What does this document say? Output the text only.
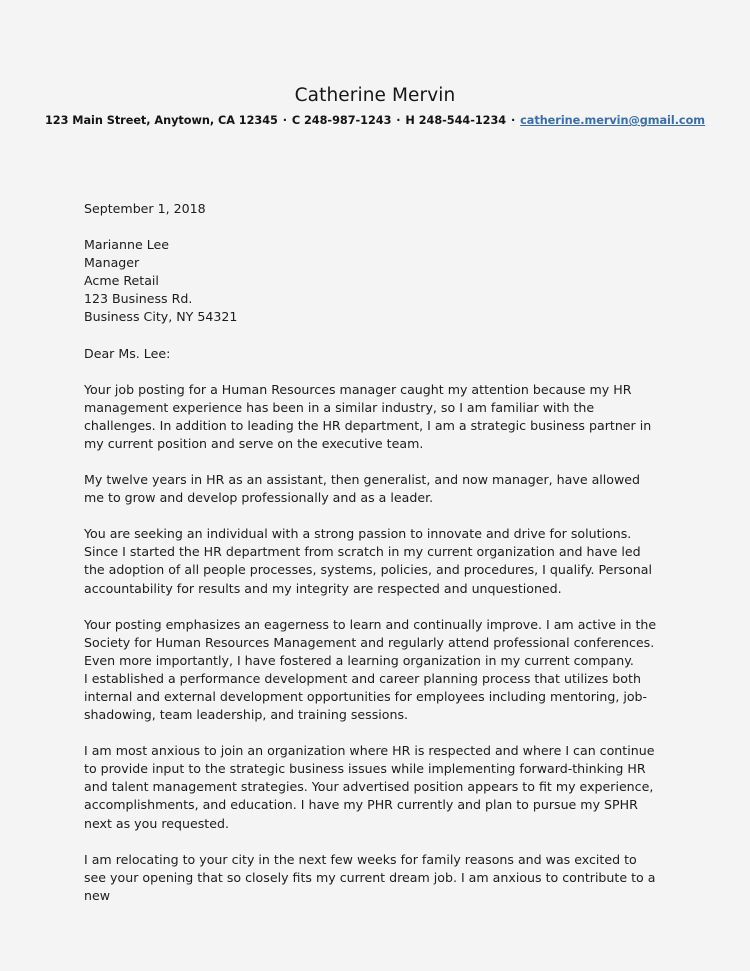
Catherine Mervin
123 Main Street, Anytown, CA 12345 · C 248-987-1243 · H 248-544-1234 · catherine.mervin@gmail.com
September 1, 2018
Marianne Lee
Manager
Acme Retail
123 Business Rd.
Business City, NY 54321
Dear Ms. Lee:

Your job posting for a Human Resources manager caught my attention because my HR management experience has been in a similar industry, so I am familiar with the challenges. In addition to leading the HR department, I am a strategic business partner in my current position and serve on the executive team.

My twelve years in HR as an assistant, then generalist, and now manager, have allowed me to grow and develop professionally and as a leader.

You are seeking an individual with a strong passion to innovate and drive for solutions. Since I started the HR department from scratch in my current organization and have led the adoption of all people processes, systems, policies, and procedures, I qualify. Personal accountability for results and my integrity are respected and unquestioned.

Your posting emphasizes an eagerness to learn and continually improve. I am active in the Society for Human Resources Management and regularly attend professional conferences. Even more importantly, I have fostered a learning organization in my current company.
I established a performance development and career planning process that utilizes both internal and external development opportunities for employees including mentoring, job-shadowing, team leadership, and training sessions.

I am most anxious to join an organization where HR is respected and where I can continue to provide input to the strategic business issues while implementing forward-thinking HR and talent management strategies. Your advertised position appears to fit my experience, accomplishments, and education. I have my PHR currently and plan to pursue my SPHR next as you requested.

I am relocating to your city in the next few weeks for family reasons and was excited to see your opening that so closely fits my current dream job. I am anxious to contribute to a new
